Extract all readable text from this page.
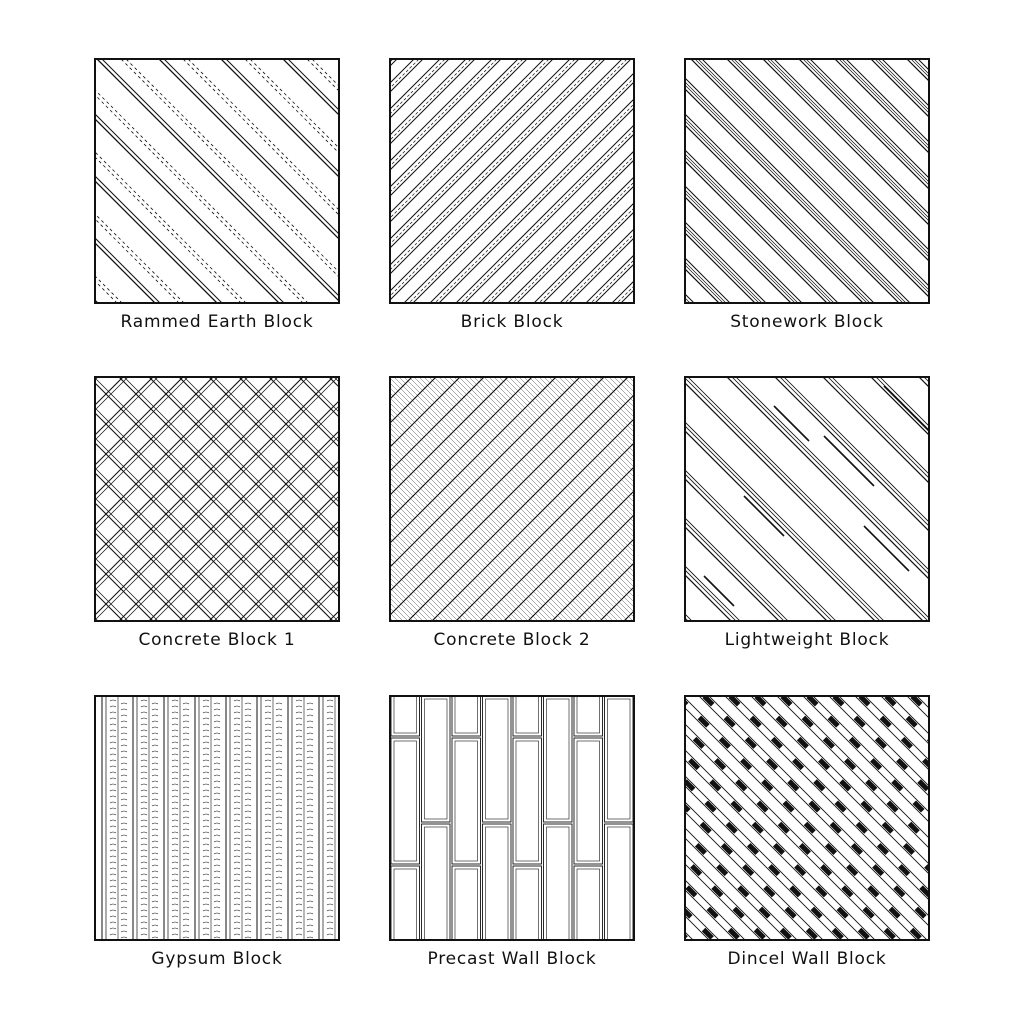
Rammed Earth Block	Brick Block	Stonework Block
Concrete Block 1	Concrete Block 2	Lightweight Block
Gypsum Block	Precast Wall Block	Dincel Wall Block
